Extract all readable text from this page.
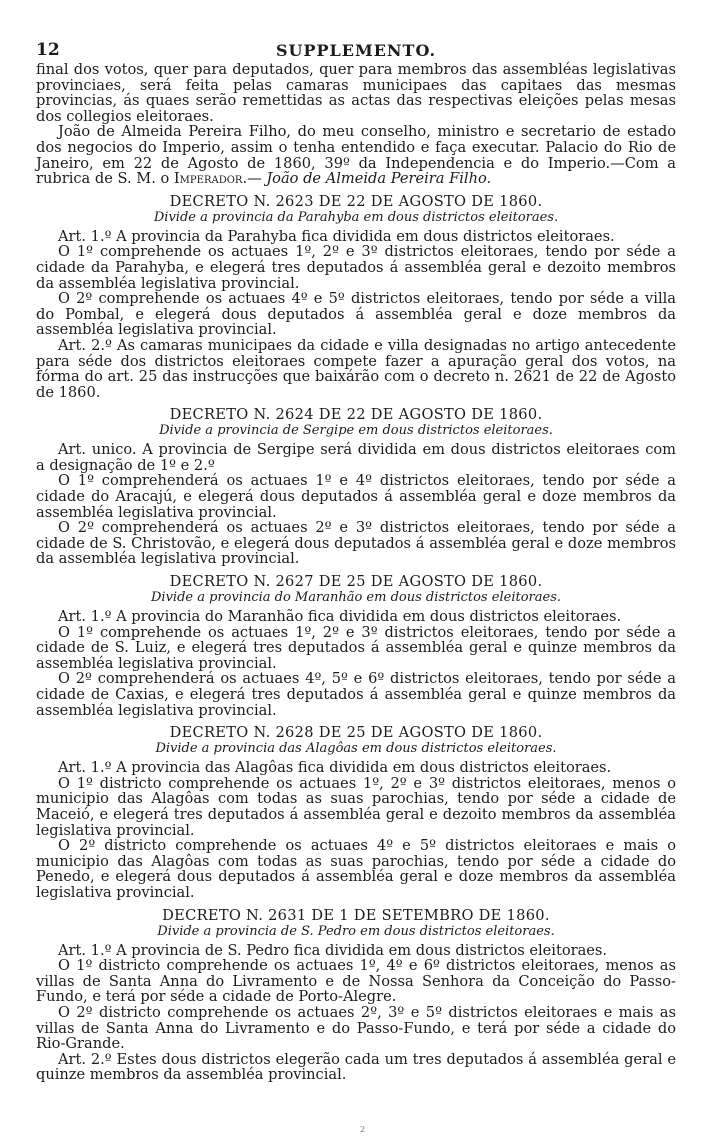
12	SUPPLEMENTO.

final dos votos, quer para deputados, quer para membros das assembléas legislativas provinciaes, será feita pelas camaras municipaes das capitaes das mesmas provincias, ás quaes serão remettidas as actas das respectivas eleições pelas mesas dos collegios eleitoraes.

João de Almeida Pereira Filho, do meu conselho, ministro e secretario de estado dos negocios do Imperio, assim o tenha entendido e faça executar. Palacio do Rio de Janeiro, em 22 de Agosto de 1860, 39º da Independencia e do Imperio.—Com a rubrica de S. M. o Imperador.— João de Almeida Pereira Filho.

DECRETO N. 2623 DE 22 DE AGOSTO DE 1860.
Divide a provincia da Parahyba em dous districtos eleitoraes.

Art. 1.º A provincia da Parahyba fica dividida em dous districtos eleitoraes.

O 1º comprehende os actuaes 1º, 2º e 3º districtos eleitoraes, tendo por séde a cidade da Parahyba, e elegerá tres deputados á assembléa geral e dezoito membros da assembléa legislativa provincial.

O 2º comprehende os actuaes 4º e 5º districtos eleitoraes, tendo por séde a villa do Pombal, e elegerá dous deputados á assembléa geral e doze membros da assembléa legislativa provincial.

Art. 2.º As camaras municipaes da cidade e villa designadas no artigo antecedente para séde dos districtos eleitoraes compete fazer a apuração geral dos votos, na fórma do art. 25 das instrucções que baixárão com o decreto n. 2621 de 22 de Agosto de 1860.

DECRETO N. 2624 DE 22 DE AGOSTO DE 1860.
Divide a provincia de Sergipe em dous districtos eleitoraes.

Art. unico. A provincia de Sergipe será dividida em dous districtos eleitoraes com a designação de 1º e 2.º

O 1º comprehenderá os actuaes 1º e 4º districtos eleitoraes, tendo por séde a cidade do Aracajú, e elegerá dous deputados á assembléa geral e doze membros da assembléa legislativa provincial.

O 2º comprehenderá os actuaes 2º e 3º districtos eleitoraes, tendo por séde a cidade de S. Christovão, e elegerá dous deputados á assembléa geral e doze membros da assembléa legislativa provincial.

DECRETO N. 2627 DE 25 DE AGOSTO DE 1860.
Divide a provincia do Maranhão em dous districtos eleitoraes.

Art. 1.º A provincia do Maranhão fica dividida em dous districtos eleitoraes.

O 1º comprehende os actuaes 1º, 2º e 3º districtos eleitoraes, tendo por séde a cidade de S. Luiz, e elegerá tres deputados á assembléa geral e quinze membros da assembléa legislativa provincial.

O 2º comprehenderá os actuaes 4º, 5º e 6º districtos eleitoraes, tendo por séde a cidade de Caxias, e elegerá tres deputados á assembléa geral e quinze membros da assembléa legislativa provincial.

DECRETO N. 2628 DE 25 DE AGOSTO DE 1860.
Divide a provincia das Alagôas em dous districtos eleitoraes.

Art. 1.º A provincia das Alagôas fica dividida em dous districtos eleitoraes.

O 1º districto comprehende os actuaes 1º, 2º e 3º districtos eleitoraes, menos o municipio das Alagôas com todas as suas parochias, tendo por séde a cidade de Maceió, e elegerá tres deputados á assembléa geral e dezoito membros da assembléa legislativa provincial.

O 2º districto comprehende os actuaes 4º e 5º districtos eleitoraes e mais o municipio das Alagôas com todas as suas parochias, tendo por séde a cidade do Penedo, e elegerá dous deputados á assembléa geral e doze membros da assembléa legislativa provincial.

DECRETO N. 2631 DE 1 DE SETEMBRO DE 1860.
Divide a provincia de S. Pedro em dous districtos eleitoraes.

Art. 1.º A provincia de S. Pedro fica dividida em dous districtos eleitoraes.

O 1º districto comprehende os actuaes 1º, 4º e 6º districtos eleitoraes, menos as villas de Santa Anna do Livramento e de Nossa Senhora da Conceição do Passo-Fundo, e terá por séde a cidade de Porto-Alegre.

O 2º districto comprehende os actuaes 2º, 3º e 5º districtos eleitoraes e mais as villas de Santa Anna do Livramento e do Passo-Fundo, e terá por séde a cidade do Rio-Grande.

Art. 2.º Estes dous districtos elegerão cada um tres deputados á assembléa geral e quinze membros da assembléa provincial.

2
